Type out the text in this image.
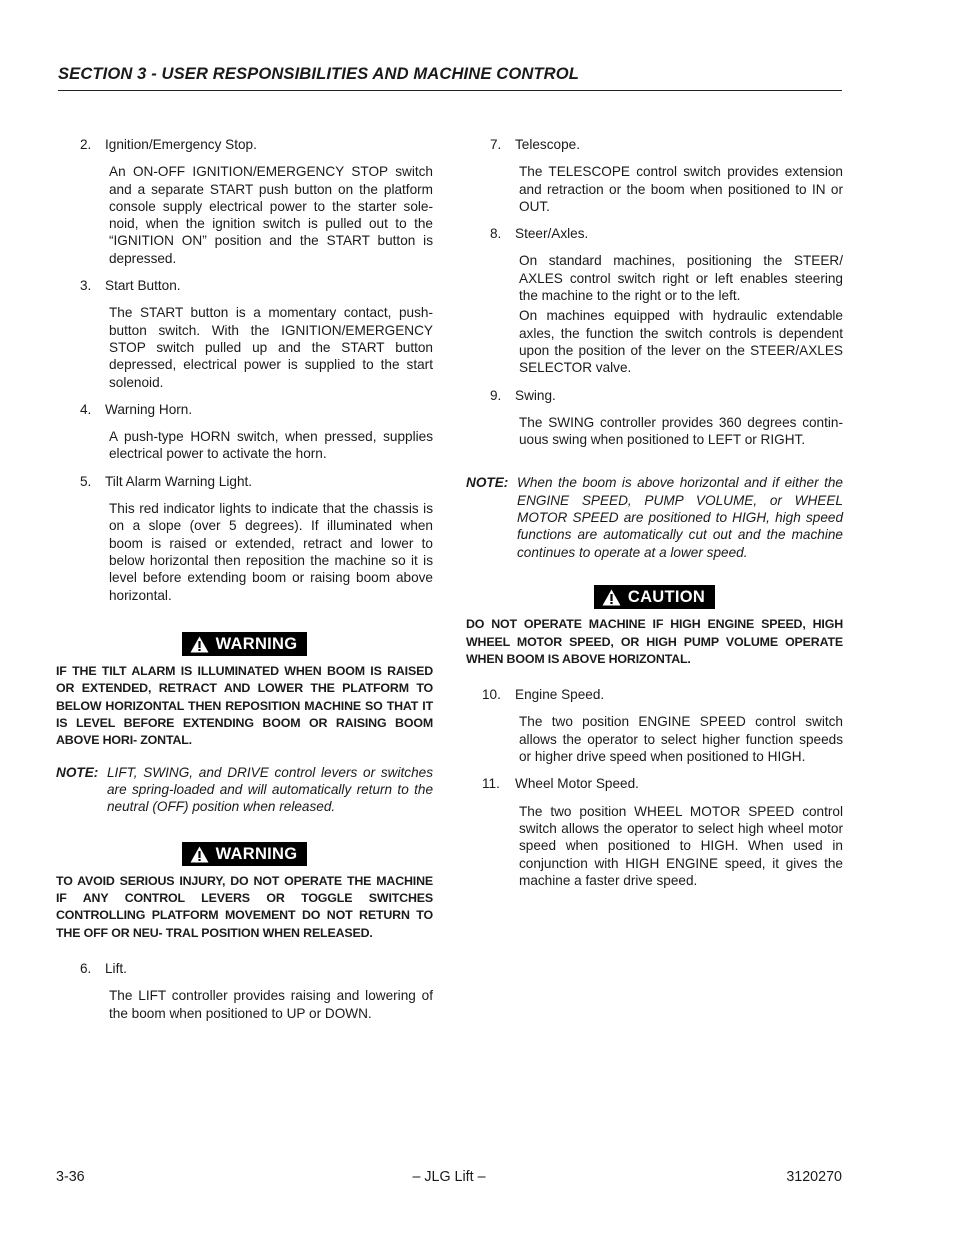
SECTION 3 - USER RESPONSIBILITIES AND MACHINE CONTROL
2. Ignition/Emergency Stop.
An ON-OFF IGNITION/EMERGENCY STOP switch and a separate START push button on the platform console supply electrical power to the starter sole- noid, when the ignition switch is pulled out to the “IGNITION ON” position and the START button is depressed.
3. Start Button.
The START button is a momentary contact, push- button switch. With the IGNITION/EMERGENCY STOP switch pulled up and the START button depressed, electrical power is supplied to the start solenoid.
4. Warning Horn.
A push-type HORN switch, when pressed, supplies electrical power to activate the horn.
5. Tilt Alarm Warning Light.
This red indicator lights to indicate that the chassis is on a slope (over 5 degrees). If illuminated when boom is raised or extended, retract and lower to below horizontal then reposition the machine so it is level before extending boom or raising boom above horizontal.
WARNING
IF THE TILT ALARM IS ILLUMINATED WHEN BOOM IS RAISED OR EXTENDED, RETRACT AND LOWER THE PLATFORM TO BELOW HORIZONTAL THEN REPOSITION MACHINE SO THAT IT IS LEVEL BEFORE EXTENDING BOOM OR RAISING BOOM ABOVE HORI- ZONTAL.
NOTE: LIFT, SWING, and DRIVE control levers or switches are spring-loaded and will automatically return to the neutral (OFF) position when released.
WARNING
TO AVOID SERIOUS INJURY, DO NOT OPERATE THE MACHINE IF ANY CONTROL LEVERS OR TOGGLE SWITCHES CONTROLLING PLATFORM MOVEMENT DO NOT RETURN TO THE OFF OR NEU- TRAL POSITION WHEN RELEASED.
6. Lift.
The LIFT controller provides raising and lowering of the boom when positioned to UP or DOWN.
7. Telescope.
The TELESCOPE control switch provides extension and retraction or the boom when positioned to IN or OUT.
8. Steer/Axles.
On standard machines, positioning the STEER/ AXLES control switch right or left enables steering the machine to the right or to the left.
On machines equipped with hydraulic extendable axles, the function the switch controls is dependent upon the position of the lever on the STEER/AXLES SELECTOR valve.
9. Swing.
The SWING controller provides 360 degrees contin- uous swing when positioned to LEFT or RIGHT.
NOTE: When the boom is above horizontal and if either the ENGINE SPEED, PUMP VOLUME, or WHEEL MOTOR SPEED are positioned to HIGH, high speed functions are automatically cut out and the machine continues to operate at a lower speed.
CAUTION
DO NOT OPERATE MACHINE IF HIGH ENGINE SPEED, HIGH WHEEL MOTOR SPEED, OR HIGH PUMP VOLUME OPERATE WHEN BOOM IS ABOVE HORIZONTAL.
10. Engine Speed.
The two position ENGINE SPEED control switch allows the operator to select higher function speeds or higher drive speed when positioned to HIGH.
11. Wheel Motor Speed.
The two position WHEEL MOTOR SPEED control switch allows the operator to select high wheel motor speed when positioned to HIGH. When used in conjunction with HIGH ENGINE speed, it gives the machine a faster drive speed.
3-36	– JLG Lift –	3120270
